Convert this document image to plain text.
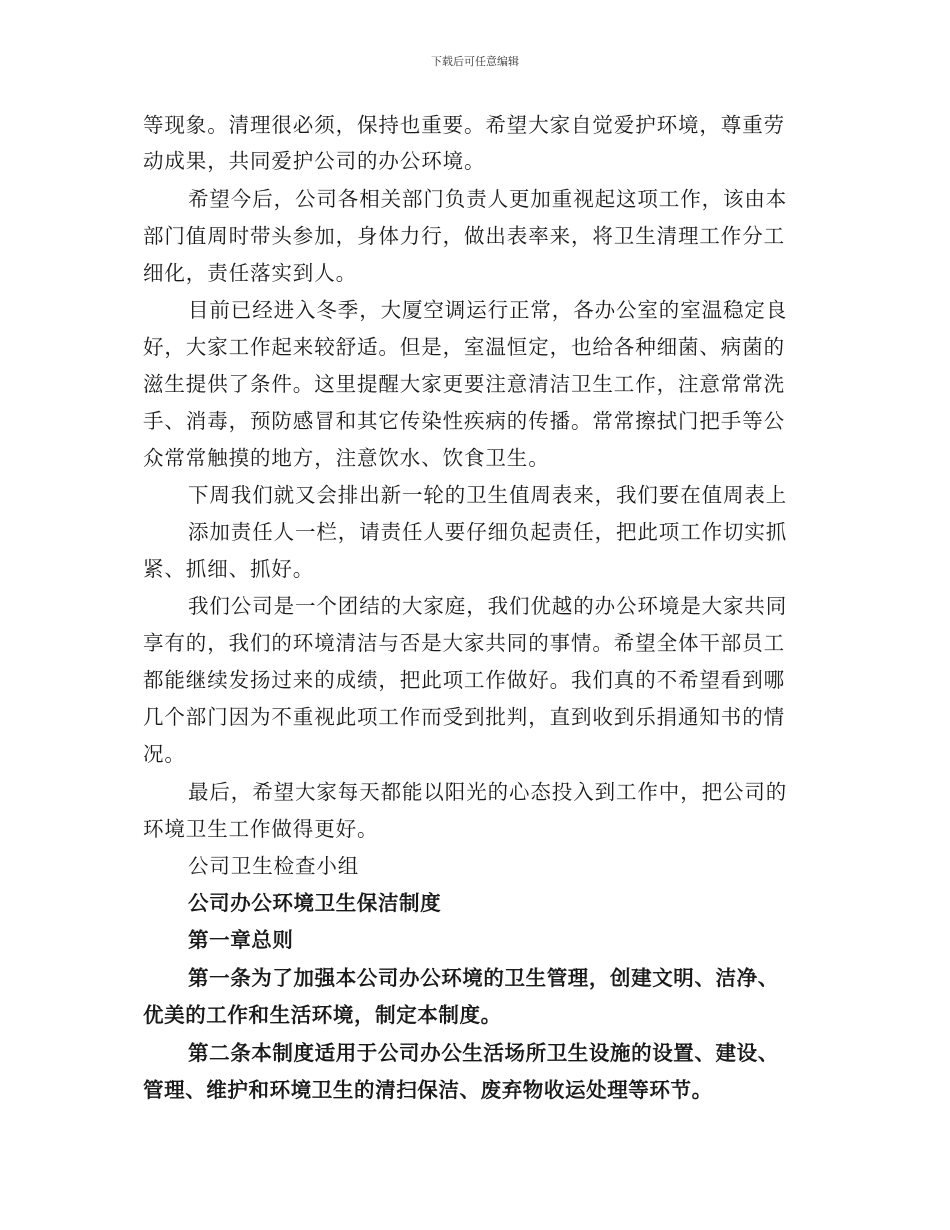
下载后可任意编辑
等现象。清理很必须，保持也重要。希望大家自觉爱护环境，尊重劳
动成果，共同爱护公司的办公环境。
希望今后，公司各相关部门负责人更加重视起这项工作，该由本
部门值周时带头参加，身体力行，做出表率来，将卫生清理工作分工
细化，责任落实到人。
目前已经进入冬季，大厦空调运行正常，各办公室的室温稳定良
好，大家工作起来较舒适。但是，室温恒定，也给各种细菌、病菌的
滋生提供了条件。这里提醒大家更要注意清洁卫生工作，注意常常洗
手、消毒，预防感冒和其它传染性疾病的传播。常常擦拭门把手等公
众常常触摸的地方，注意饮水、饮食卫生。
下周我们就又会排出新一轮的卫生值周表来，我们要在值周表上
添加责任人一栏，请责任人要仔细负起责任，把此项工作切实抓
紧、抓细、抓好。
我们公司是一个团结的大家庭，我们优越的办公环境是大家共同
享有的，我们的环境清洁与否是大家共同的事情。希望全体干部员工
都能继续发扬过来的成绩，把此项工作做好。我们真的不希望看到哪
几个部门因为不重视此项工作而受到批判，直到收到乐捐通知书的情
况。
最后，希望大家每天都能以阳光的心态投入到工作中，把公司的
环境卫生工作做得更好。
公司卫生检查小组
公司办公环境卫生保洁制度
第一章总则
第一条为了加强本公司办公环境的卫生管理，创建文明、洁净、
优美的工作和生活环境，制定本制度。
第二条本制度适用于公司办公生活场所卫生设施的设置、建设、
管理、维护和环境卫生的清扫保洁、废弃物收运处理等环节。
